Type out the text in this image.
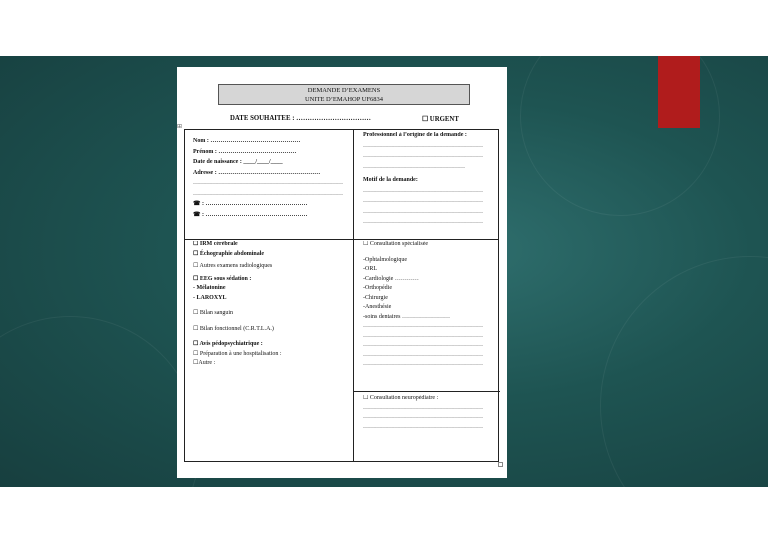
DEMANDE D’EXAMENS
UNITE D’EMAHOP UF6834
DATE SOUHAITEE : ……………………………	☐ URGENT
⊞
Nom : ………………………………………
Prénom : …………………………………
Date de naissance : ____/____/____
Adresse : ……………………………………………
…………………………………………………………………
…………………………………………………………………
☎ : ……………………………………………
☎ : ……………………………………………
Professionnel à l’origine de la demande :
……………………………………………………
……………………………………………………
……………………………………………
Motif de la demande:
……………………………………………………
……………………………………………………
……………………………………………………
……………………………………………………
☐ IRM cérébrale
☐ Échographie abdominale
☐ Autres examens radiologiques
☐ EEG sous sédation :
- Mélatonine
- LAROXYL
☐ Bilan sanguin
☐ Bilan fonctionnel (C.R.T.L.A.)
☐ Avis pédopsychiatrique :
☐ Préparation à une hospitalisation :
☐Autre :
☐ Consultation spécialisée
-Ophtalmologique
-ORL
-Cardiologie …………
-Orthopédie
-Chirurgie
-Anesthésie
-soins dentaires ……………………
……………………………………………………
……………………………………………………
……………………………………………………
……………………………………………………
……………………………………………………
☐ Consultation neuropédiatre :
……………………………………………………
……………………………………………………
……………………………………………………
